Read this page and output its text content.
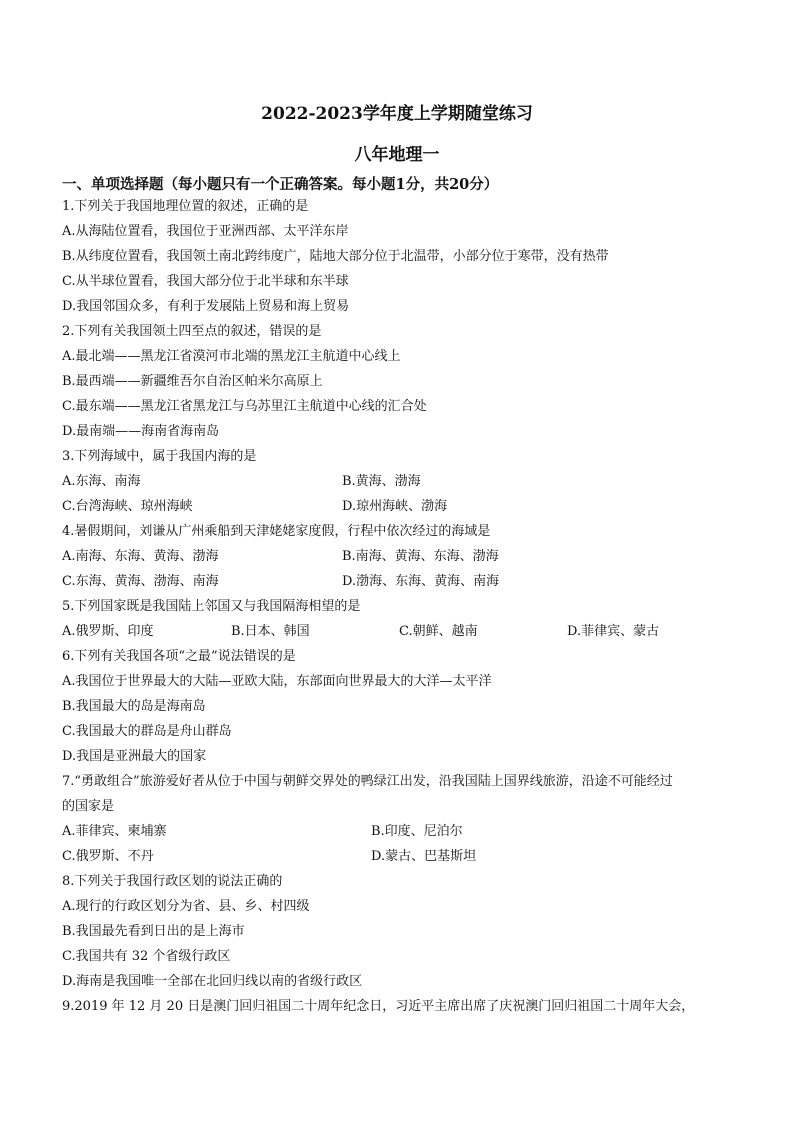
2022-2023学年度上学期随堂练习
八年地理一
一、单项选择题（每小题只有一个正确答案。每小题1分，共20分）
1.下列关于我国地理位置的叙述，正确的是
A.从海陆位置看，我国位于亚洲西部、太平洋东岸
B.从纬度位置看，我国领土南北跨纬度广，陆地大部分位于北温带，小部分位于寒带，没有热带
C.从半球位置看，我国大部分位于北半球和东半球
D.我国邻国众多，有利于发展陆上贸易和海上贸易
2.下列有关我国领土四至点的叙述，错误的是
A.最北端——黑龙江省漠河市北端的黑龙江主航道中心线上
B.最西端——新疆维吾尔自治区帕米尔高原上
C.最东端——黑龙江省黑龙江与乌苏里江主航道中心线的汇合处
D.最南端——海南省海南岛
3.下列海域中，属于我国内海的是
A.东海、南海	B.黄海、渤海
C.台湾海峡、琼州海峡	D.琼州海峡、渤海
4.暑假期间，刘谦从广州乘船到天津姥姥家度假，行程中依次经过的海域是
A.南海、东海、黄海、渤海	B.南海、黄海、东海、渤海
C.东海、黄海、渤海、南海	D.渤海、东海、黄海、南海
5.下列国家既是我国陆上邻国又与我国隔海相望的是
A.俄罗斯、印度	B.日本、韩国	C.朝鲜、越南	D.菲律宾、蒙古
6.下列有关我国各项“之最”说法错误的是
A.我国位于世界最大的大陆—亚欧大陆，东部面向世界最大的大洋—太平洋
B.我国最大的岛是海南岛
C.我国最大的群岛是舟山群岛
D.我国是亚洲最大的国家
7.“勇敢组合”旅游爱好者从位于中国与朝鲜交界处的鸭绿江出发，沿我国陆上国界线旅游，沿途不可能经过
的国家是
A.菲律宾、柬埔寨	B.印度、尼泊尔
C.俄罗斯、不丹	D.蒙古、巴基斯坦
8.下列关于我国行政区划的说法正确的
A.现行的行政区划分为省、县、乡、村四级
B.我国最先看到日出的是上海市
C.我国共有 32 个省级行政区
D.海南是我国唯一全部在北回归线以南的省级行政区
9.2019 年 12 月 20 日是澳门回归祖国二十周年纪念日，习近平主席出席了庆祝澳门回归祖国二十周年大会，
